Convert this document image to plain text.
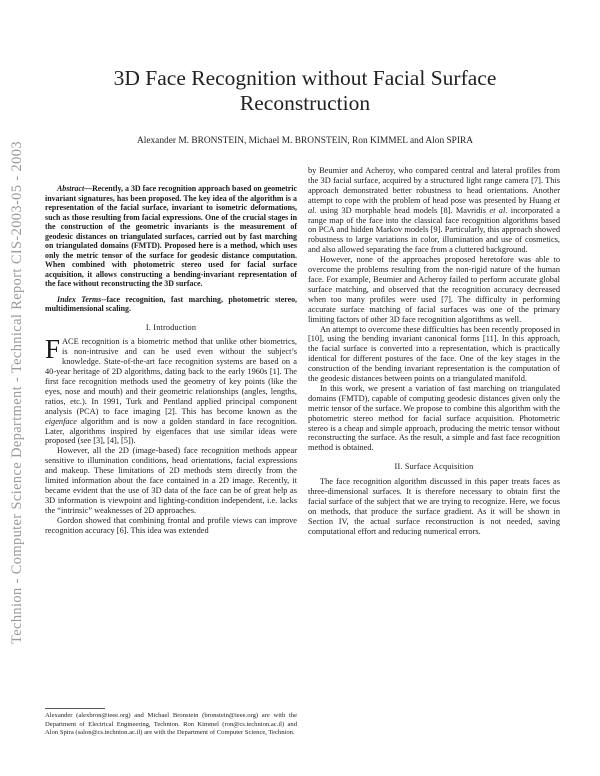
Technion - Computer Science Department - Technical Report CIS-2003-05 - 2003
3D Face Recognition without Facial Surface
Reconstruction
Alexander M. BRONSTEIN, Michael M. BRONSTEIN, Ron KIMMEL and Alon SPIRA

Abstract—Recently, a 3D face recognition approach based on geometric invariant signatures, has been proposed. The key idea of the algorithm is a representation of the facial surface, invariant to isometric deformations, such as those resulting from facial expressions. One of the crucial stages in the construction of the geometric invariants is the measurement of geodesic distances on triangulated surfaces, carried out by fast marching on triangulated domains (FMTD). Proposed here is a method, which uses only the metric tensor of the surface for geodesic distance computation. When combined with photometric stereo used for facial surface acquisition, it allows constructing a bending-invariant representation of the face without reconstructing the 3D surface.

Index Terms--face recognition, fast marching, photometric stereo, multidimensional scaling.

I. Introduction

FACE recognition is a biometric method that unlike other biometrics, is non-intrusive and can be used even without the subject’s knowledge. State-of-the-art face recognition systems are based on a 40-year heritage of 2D algorithms, dating back to the early 1960s [1]. The first face recognition methods used the geometry of key points (like the eyes, nose and mouth) and their geometric relationships (angles, lengths, ratios, etc.). In 1991, Turk and Pentland applied principal component analysis (PCA) to face imaging [2]. This has become known as the eigenface algorithm and is now a golden standard in face recognition. Later, algorithms inspired by eigenfaces that use similar ideas were proposed (see [3], [4], [5]).

However, all the 2D (image-based) face recognition methods appear sensitive to illumination conditions, head orientations, facial expressions and makeup. These limitations of 2D methods stem directly from the limited information about the face contained in a 2D image. Recently, it became evident that the use of 3D data of the face can be of great help as 3D information is viewpoint and lighting-condition independent, i.e. lacks the “intrinsic” weaknesses of 2D approaches.

Gordon showed that combining frontal and profile views can improve recognition accuracy [6]. This idea was extended

Alexander (alexbron@ieee.org) and Michael Bronstein (bronstein@ieee.org) are with the Department of Electrical Engineering, Technion. Ron Kimmel (ron@cs.technion.ac.il) and Alon Spira (salon@cs.technion.ac.il) are with the Department of Computer Science, Technion.

by Beumier and Acheroy, who compared central and lateral profiles from the 3D facial surface, acquired by a structured light range camera [7]. This approach demonstrated better robustness to head orientations. Another attempt to cope with the problem of head pose was presented by Huang et al. using 3D morphable head models [8]. Mavridis et al. incorporated a range map of the face into the classical face recognition algorithms based on PCA and hidden Markov models [9]. Particularly, this approach showed robustness to large variations in color, illumination and use of cosmetics, and also allowed separating the face from a cluttered background.

However, none of the approaches proposed heretofore was able to overcome the problems resulting from the non-rigid nature of the human face. For example, Beumier and Acheroy failed to perform accurate global surface matching, and observed that the recognition accuracy decreased when too many profiles were used [7]. The difficulty in performing accurate surface matching of facial surfaces was one of the primary limiting factors of other 3D face recognition algorithms as well.

An attempt to overcome these difficulties has been recently proposed in [10], using the bending invariant canonical forms [11]. In this approach, the facial surface is converted into a representation, which is practically identical for different postures of the face. One of the key stages in the construction of the bending invariant representation is the computation of the geodesic distances between points on a triangulated manifold.

In this work, we present a variation of fast marching on triangulated domains (FMTD), capable of computing geodesic distances given only the metric tensor of the surface. We propose to combine this algorithm with the photometric stereo method for facial surface acquisition. Photometric stereo is a cheap and simple approach, producing the metric tensor without reconstructing the surface. As the result, a simple and fast face recognition method is obtained.

II. Surface Acquisition

The face recognition algorithm discussed in this paper treats faces as three-dimensional surfaces. It is therefore necessary to obtain first the facial surface of the subject that we are trying to recognize. Here, we focus on methods, that produce the surface gradient. As it will be shown in Section IV, the actual surface reconstruction is not needed, saving computational effort and reducing numerical errors.
